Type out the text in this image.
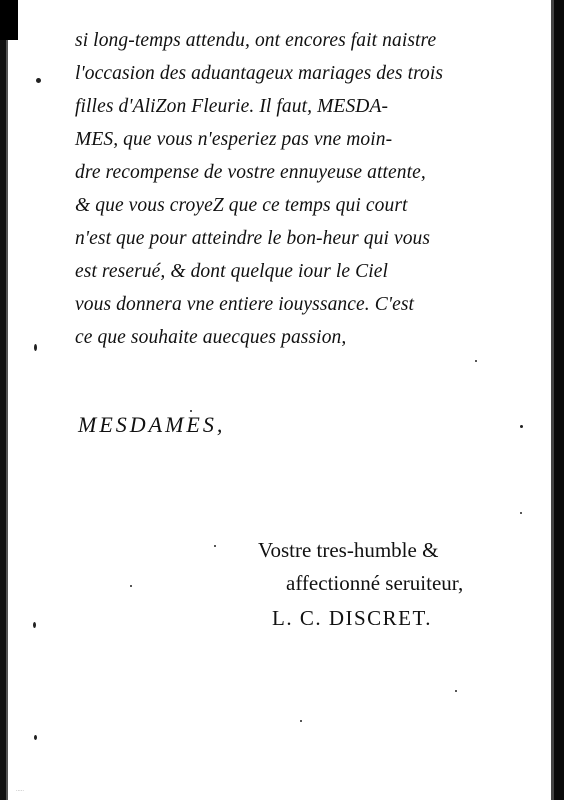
si long-temps attendu, ont encores fait naistre
l'occasion des aduantageux mariages des trois
filles d'AliZon Fleurie. Il faut, MESDA-
MES, que vous n'esperiez pas vne moin-
dre recompense de vostre ennuyeuse attente,
& que vous croyeZ que ce temps qui court
n'est que pour atteindre le bon-heur qui vous
est reserué, & dont quelque iour le Ciel
vous donnera vne entiere iouyssance. C'est
ce que souhaite auecques passion,
MESDAMES,
Vostre tres-humble &
affectionné seruiteur,
L. C. DISCRET.
·····
